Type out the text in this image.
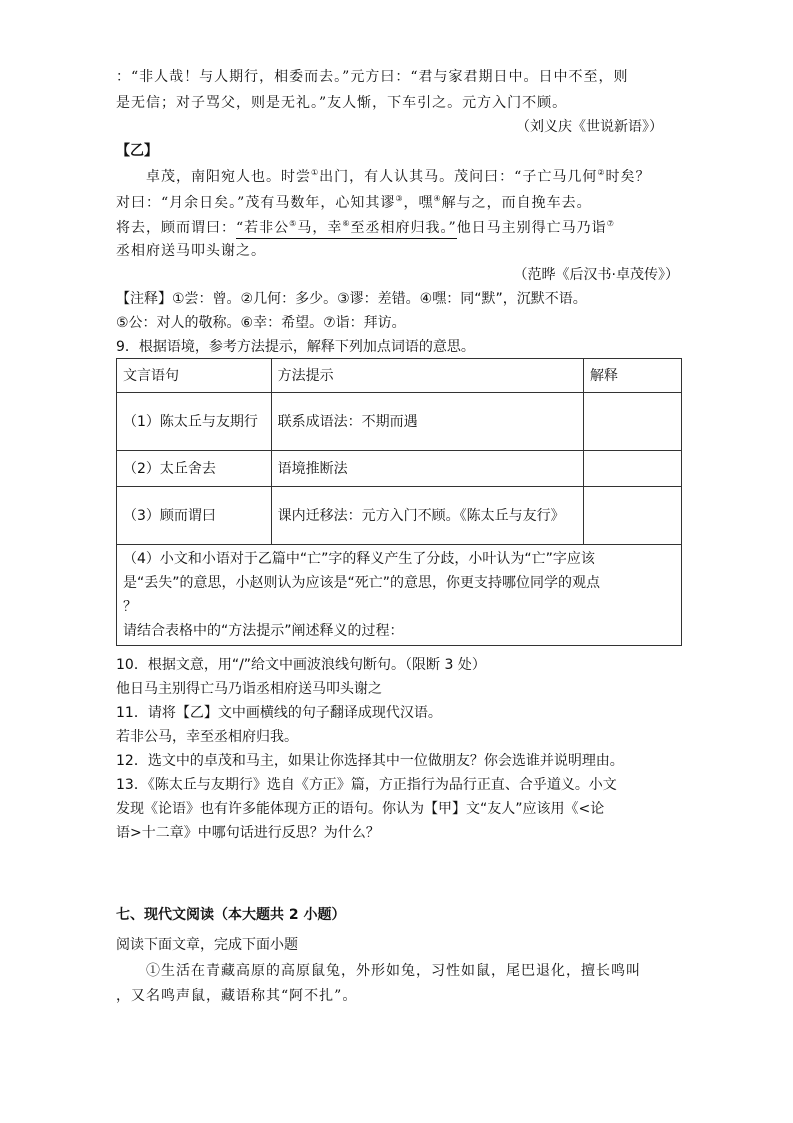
：“非人哉！与人期行，相委而去。”元方曰：“君与家君期日中。日中不至，则
是无信；对子骂父，则是无礼。”友人惭，下车引之。元方入门不顾。
（刘义庆《世说新语》）
【乙】
卓茂，南阳宛人也。时尝①出门，有人认其马。茂问曰：“子亡马几何②时矣？
对曰：“月余日矣。”茂有马数年，心知其谬③，嘿④解与之，而自挽车去。
将去，顾而谓曰：“若非公⑤马，幸⑥至丞相府归我。”他日马主别得亡马乃诣⑦
丞相府送马叩头谢之。
（范晔《后汉书·卓茂传》）
【注释】①尝：曾。②几何：多少。③谬：差错。④嘿：同“默”，沉默不语。
⑤公：对人的敬称。⑥幸：希望。⑦诣：拜访。
9．根据语境，参考方法提示，解释下列加点词语的意思。
文言语句	方法提示	解释
（1）陈太丘与友期行	联系成语法：不期而遇	
（2）太丘舍去	语境推断法	
（3）顾而谓曰	课内迁移法：元方入门不顾。《陈太丘与友行》	

（4）小文和小语对于乙篇中“亡”字的释义产生了分歧，小叶认为“亡”字应该
是“丢失”的意思，小赵则认为应该是“死亡”的意思，你更支持哪位同学的观点
？
请结合表格中的“方法提示”阐述释义的过程：		
10．根据文意，用“/”给文中画波浪线句断句。（限断 3 处）
他日马主别得亡马乃诣丞相府送马叩头谢之
11．请将【乙】文中画横线的句子翻译成现代汉语。
若非公马，幸至丞相府归我。
12．选文中的卓茂和马主，如果让你选择其中一位做朋友？你会选谁并说明理由。
13．《陈太丘与友期行》选自《方正》篇，方正指行为品行正直、合乎道义。小文
发现《论语》也有许多能体现方正的语句。你认为【甲】文“友人”应该用《<论
语>十二章》中哪句话进行反思？为什么？
七、现代文阅读（本大题共 2 小题）
阅读下面文章，完成下面小题
①生活在青藏高原的高原鼠兔，外形如兔，习性如鼠，尾巴退化，擅长鸣叫
，又名鸣声鼠，藏语称其“阿不扎”。
